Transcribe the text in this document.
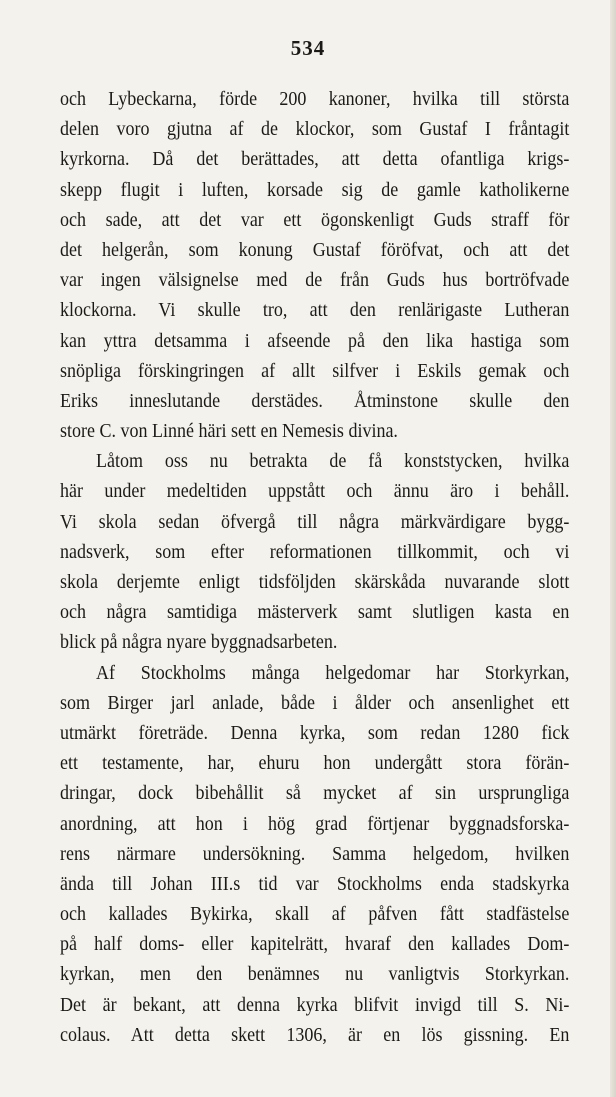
534
och Lybeckarna, förde 200 kanoner, hvilka till största
delen voro gjutna af de klockor, som Gustaf I fråntagit
kyrkorna. Då det berättades, att detta ofantliga krigs-
skepp flugit i luften, korsade sig de gamle katholikerne
och sade, att det var ett ögonskenligt Guds straff för
det helgerån, som konung Gustaf föröfvat, och att det
var ingen välsignelse med de från Guds hus bortröfvade
klockorna. Vi skulle tro, att den renlärigaste Lutheran
kan yttra detsamma i afseende på den lika hastiga som
snöpliga förskingringen af allt silfver i Eskils gemak och
Eriks inneslutande derstädes. Åtminstone skulle den
store C. von Linné häri sett en Nemesis divina.
Låtom oss nu betrakta de få konststycken, hvilka
här under medeltiden uppstått och ännu äro i behåll.
Vi skola sedan öfvergå till några märkvärdigare bygg-
nadsverk, som efter reformationen tillkommit, och vi
skola derjemte enligt tidsföljden skärskåda nuvarande slott
och några samtidiga mästerverk samt slutligen kasta en
blick på några nyare byggnadsarbeten.
Af Stockholms många helgedomar har Storkyrkan,
som Birger jarl anlade, både i ålder och ansenlighet ett
utmärkt företräde. Denna kyrka, som redan 1280 fick
ett testamente, har, ehuru hon undergått stora förän-
dringar, dock bibehållit så mycket af sin ursprungliga
anordning, att hon i hög grad förtjenar byggnadsforska-
rens närmare undersökning. Samma helgedom, hvilken
ända till Johan III.s tid var Stockholms enda stadskyrka
och kallades Bykirka, skall af påfven fått stadfästelse
på half doms- eller kapitelrätt, hvaraf den kallades Dom-
kyrkan, men den benämnes nu vanligtvis Storkyrkan.
Det är bekant, att denna kyrka blifvit invigd till S. Ni-
colaus. Att detta skett 1306, är en lös gissning. En
